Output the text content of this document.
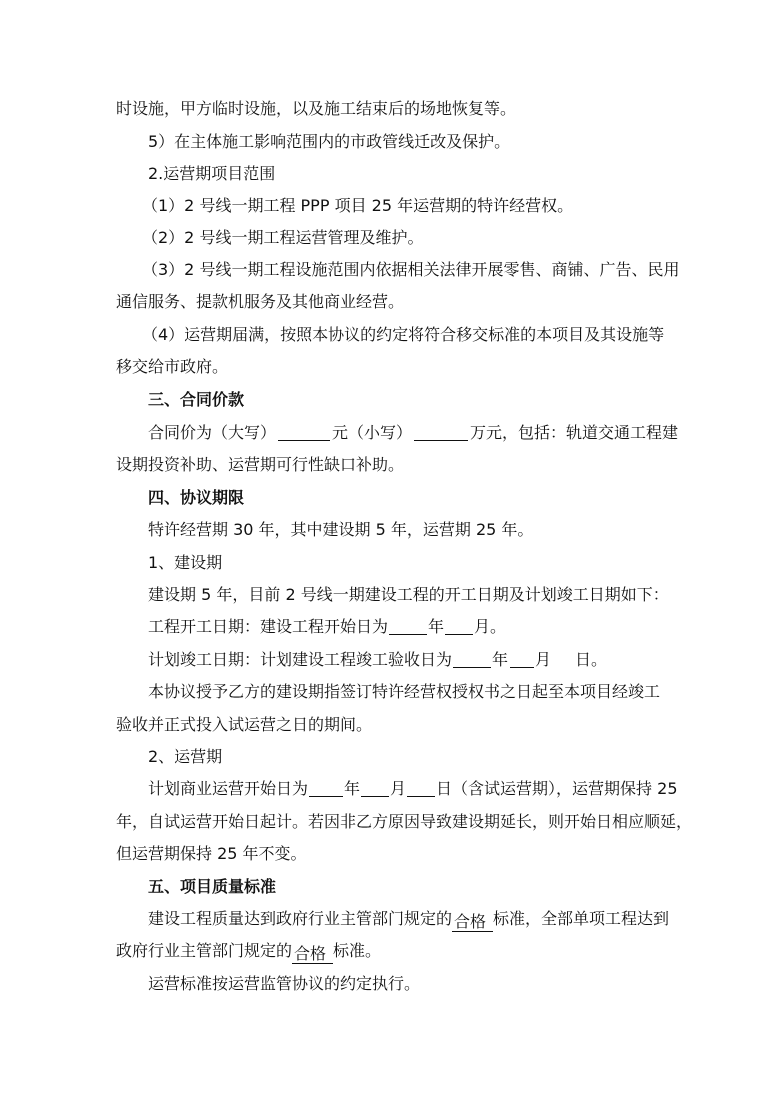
时设施，甲方临时设施，以及施工结束后的场地恢复等。
5）在主体施工影响范围内的市政管线迁改及保护。
2.运营期项目范围
（1）2 号线一期工程 PPP 项目 25 年运营期的特许经营权。
（2）2 号线一期工程运营管理及维护。
（3）2 号线一期工程设施范围内依据相关法律开展零售、商铺、广告、民用
通信服务、提款机服务及其他商业经营。
（4）运营期届满，按照本协议的约定将符合移交标准的本项目及其设施等
移交给市政府。
三、合同价款
合同价为（大写）	元（小写）	万元，包括：轨道交通工程建
设期投资补助、运营期可行性缺口补助。
四、协议期限
特许经营期 30 年，其中建设期 5 年，运营期 25 年。
1、建设期
建设期 5 年，目前 2 号线一期建设工程的开工日期及计划竣工日期如下：
工程开工日期：建设工程开始日为	年 月。
计划竣工日期：计划建设工程竣工验收日为	年 月 日。
本协议授予乙方的建设期指签订特许经营权授权书之日起至本项目经竣工
验收并正式投入试运营之日的期间。
2、运营期
计划商业运营开始日为 年 月 日（含试运营期），运营期保持 25
年，自试运营开始日起计。若因非乙方原因导致建设期延长，则开始日相应顺延，
但运营期保持 25 年不变。
五、项目质量标准
建设工程质量达到政府行业主管部门规定的 合格 标准，全部单项工程达到
政府行业主管部门规定的 合格 标准。
运营标准按运营监管协议的约定执行。
